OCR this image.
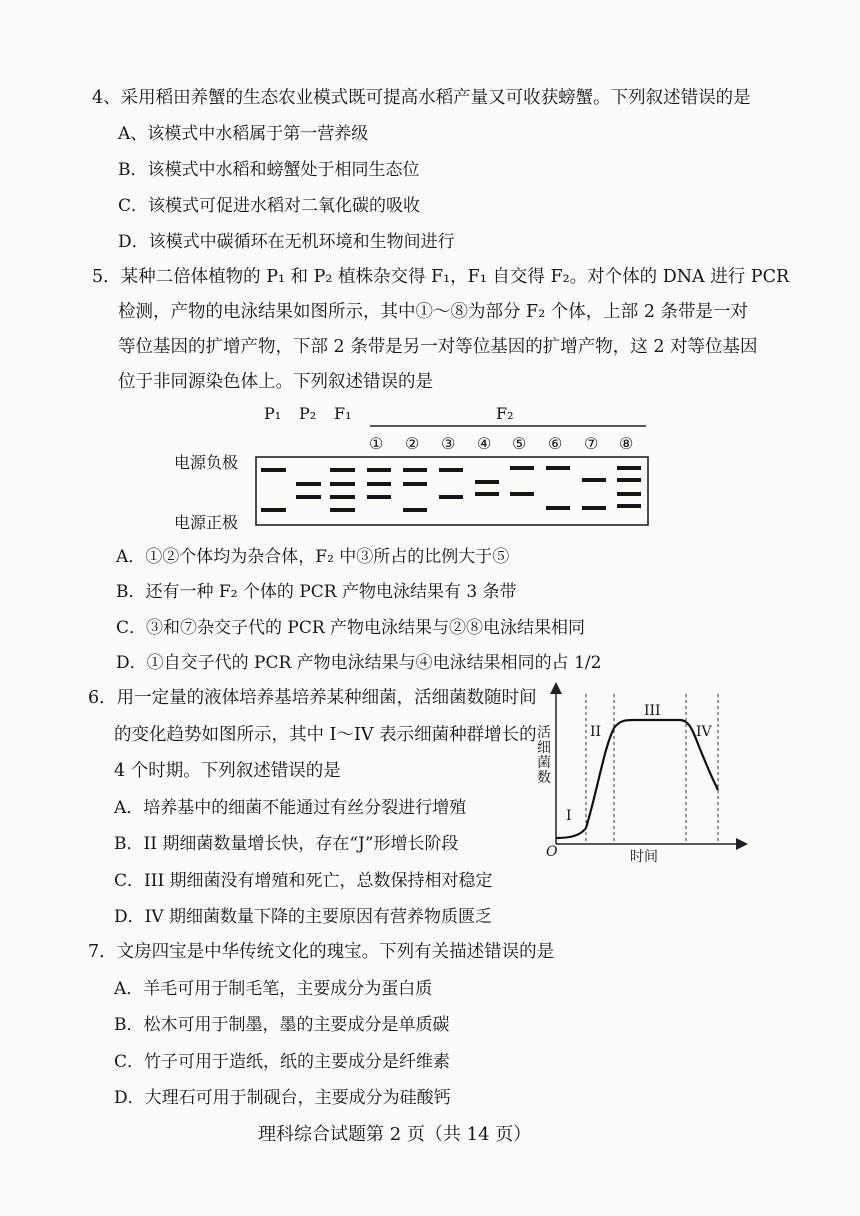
4、采用稻田养蟹的生态农业模式既可提高水稻产量又可收获螃蟹。下列叙述错误的是
A、该模式中水稻属于第一营养级
B．该模式中水稻和螃蟹处于相同生态位
C．该模式可促进水稻对二氧化碳的吸收
D．该模式中碳循环在无机环境和生物间进行
5．某种二倍体植物的 P₁ 和 P₂ 植株杂交得 F₁，F₁ 自交得 F₂。对个体的 DNA 进行 PCR
检测，产物的电泳结果如图所示，其中①～⑧为部分 F₂ 个体，上部 2 条带是一对
等位基因的扩增产物，下部 2 条带是另一对等位基因的扩增产物，这 2 对等位基因
位于非同源染色体上。下列叙述错误的是
P₁ P₂ F₁	F₂
① ② ③ ④ ⑤ ⑥ ⑦ ⑧
电源负极
电源正极
A．①②个体均为杂合体，F₂ 中③所占的比例大于⑤
B．还有一种 F₂ 个体的 PCR 产物电泳结果有 3 条带
C．③和⑦杂交子代的 PCR 产物电泳结果与②⑧电泳结果相同
D．①自交子代的 PCR 产物电泳结果与④电泳结果相同的占 1/2
6．用一定量的液体培养基培养某种细菌，活细菌数随时间
的变化趋势如图所示，其中 I～IV 表示细菌种群增长的
4 个时期。下列叙述错误的是
活细菌数
时间
O
I
II
III
IV
A．培养基中的细菌不能通过有丝分裂进行增殖
B．II 期细菌数量增长快，存在“J”形增长阶段
C．III 期细菌没有增殖和死亡，总数保持相对稳定
D．IV 期细菌数量下降的主要原因有营养物质匮乏
7．文房四宝是中华传统文化的瑰宝。下列有关描述错误的是
A．羊毛可用于制毛笔，主要成分为蛋白质
B．松木可用于制墨，墨的主要成分是单质碳
C．竹子可用于造纸，纸的主要成分是纤维素
D．大理石可用于制砚台，主要成分为硅酸钙
理科综合试题第 2 页（共 14 页）
